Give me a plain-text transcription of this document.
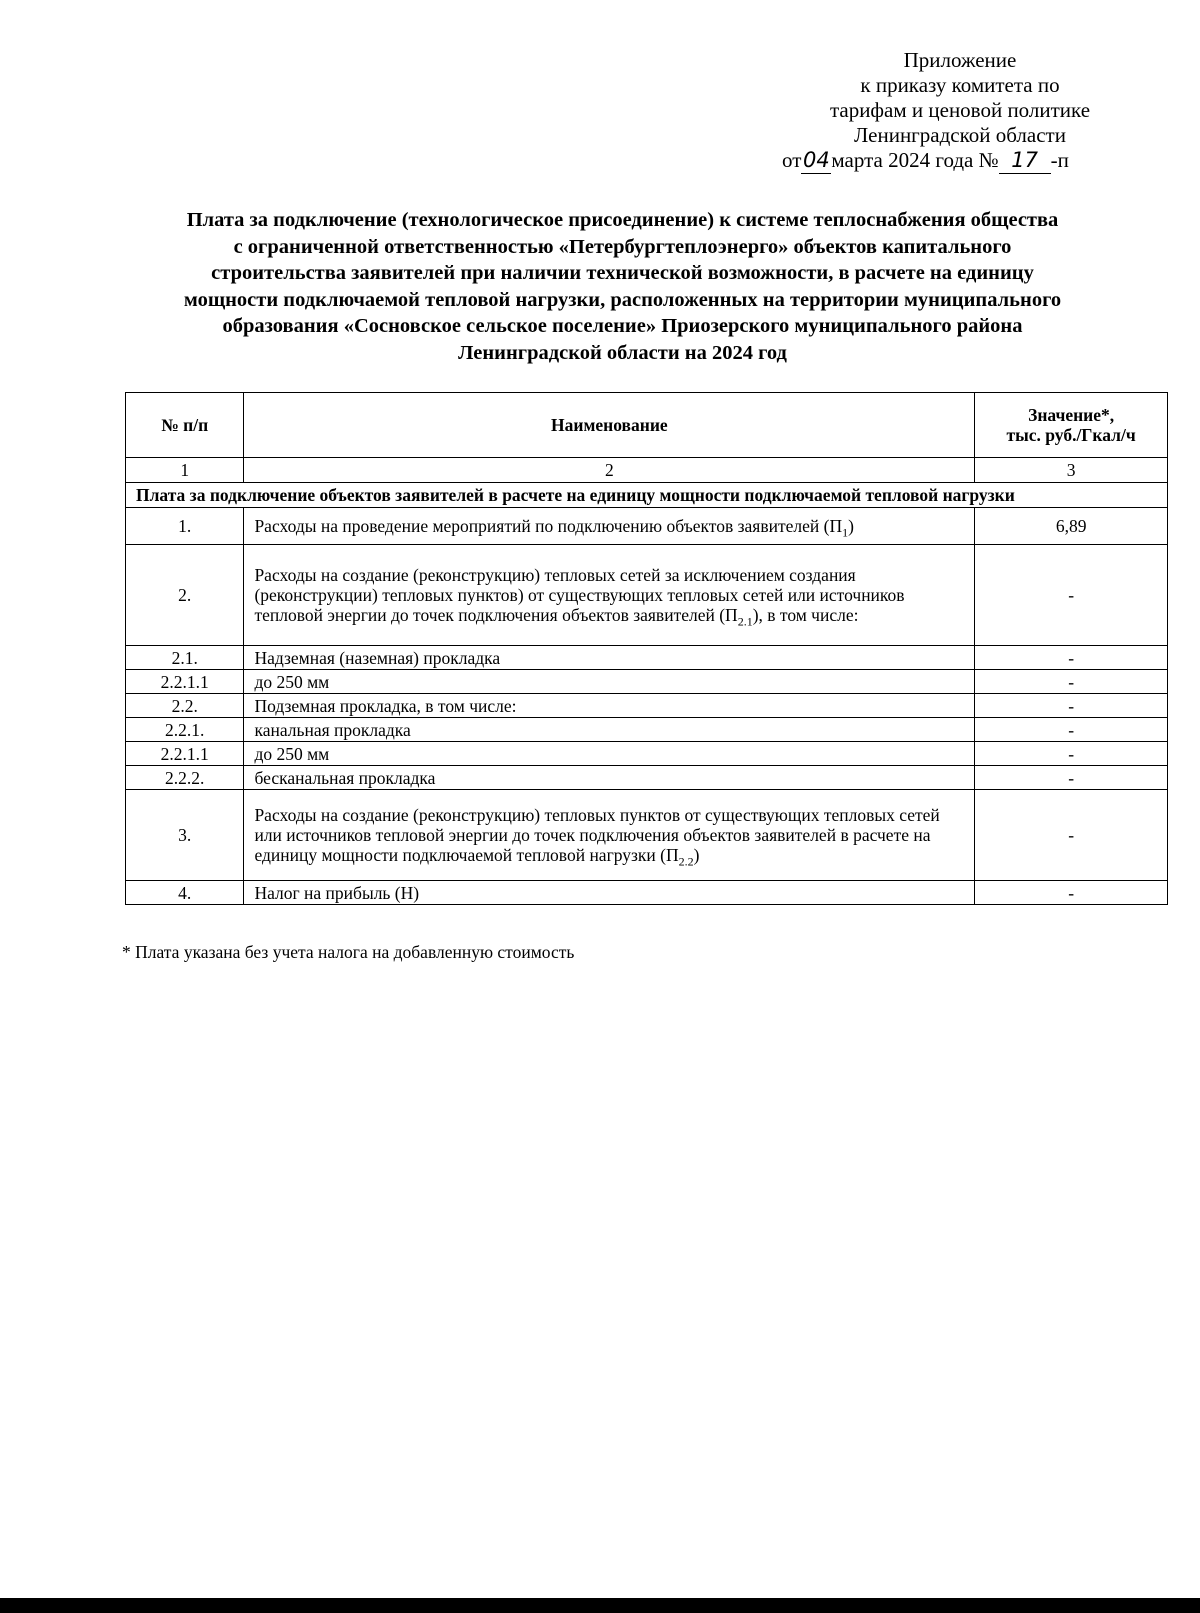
Приложение
к приказу комитета по
тарифам и ценовой политике
Ленинградской области
от04марта 2024 года № 17 -п
Плата за подключение (технологическое присоединение) к системе теплоснабжения общества
с ограниченной ответственностью «Петербургтеплоэнерго» объектов капитального
строительства заявителей при наличии технической возможности, в расчете на единицу
мощности подключаемой тепловой нагрузки, расположенных на территории муниципального
образования «Сосновское сельское поселение» Приозерского муниципального района
Ленинградской области на 2024 год
№ п/п	Наименование	Значение*,
тыс. руб./Гкал/ч
1	2	3

Плата за подключение объектов заявителей в расчете на единицу мощности подключаемой тепловой нагрузки		

1.	Расходы на проведение мероприятий по подключению объектов заявителей $(П_1)$	6,89
2.	Расходы на создание (реконструкцию) тепловых сетей за исключением создания (реконструкции) тепловых пунктов) от существующих тепловых сетей или источников тепловой энергии до точек подключения объектов заявителей $(П_{2.1})$, в том числе:	-
2.1.	Надземная (наземная) прокладка	-
2.2.1.1	до 250 мм	-
2.2.	Подземная прокладка, в том числе:	-
2.2.1.	канальная прокладка	-
2.2.1.1	до 250 мм	-
2.2.2.	бесканальная прокладка	-
3.	Расходы на создание (реконструкцию) тепловых пунктов от существующих тепловых сетей или источников тепловой энергии до точек подключения объектов заявителей в расчете на единицу мощности подключаемой тепловой нагрузки $(П_{2.2})$	-
4.	Налог на прибыль (Н)	-
* Плата указана без учета налога на добавленную стоимость
